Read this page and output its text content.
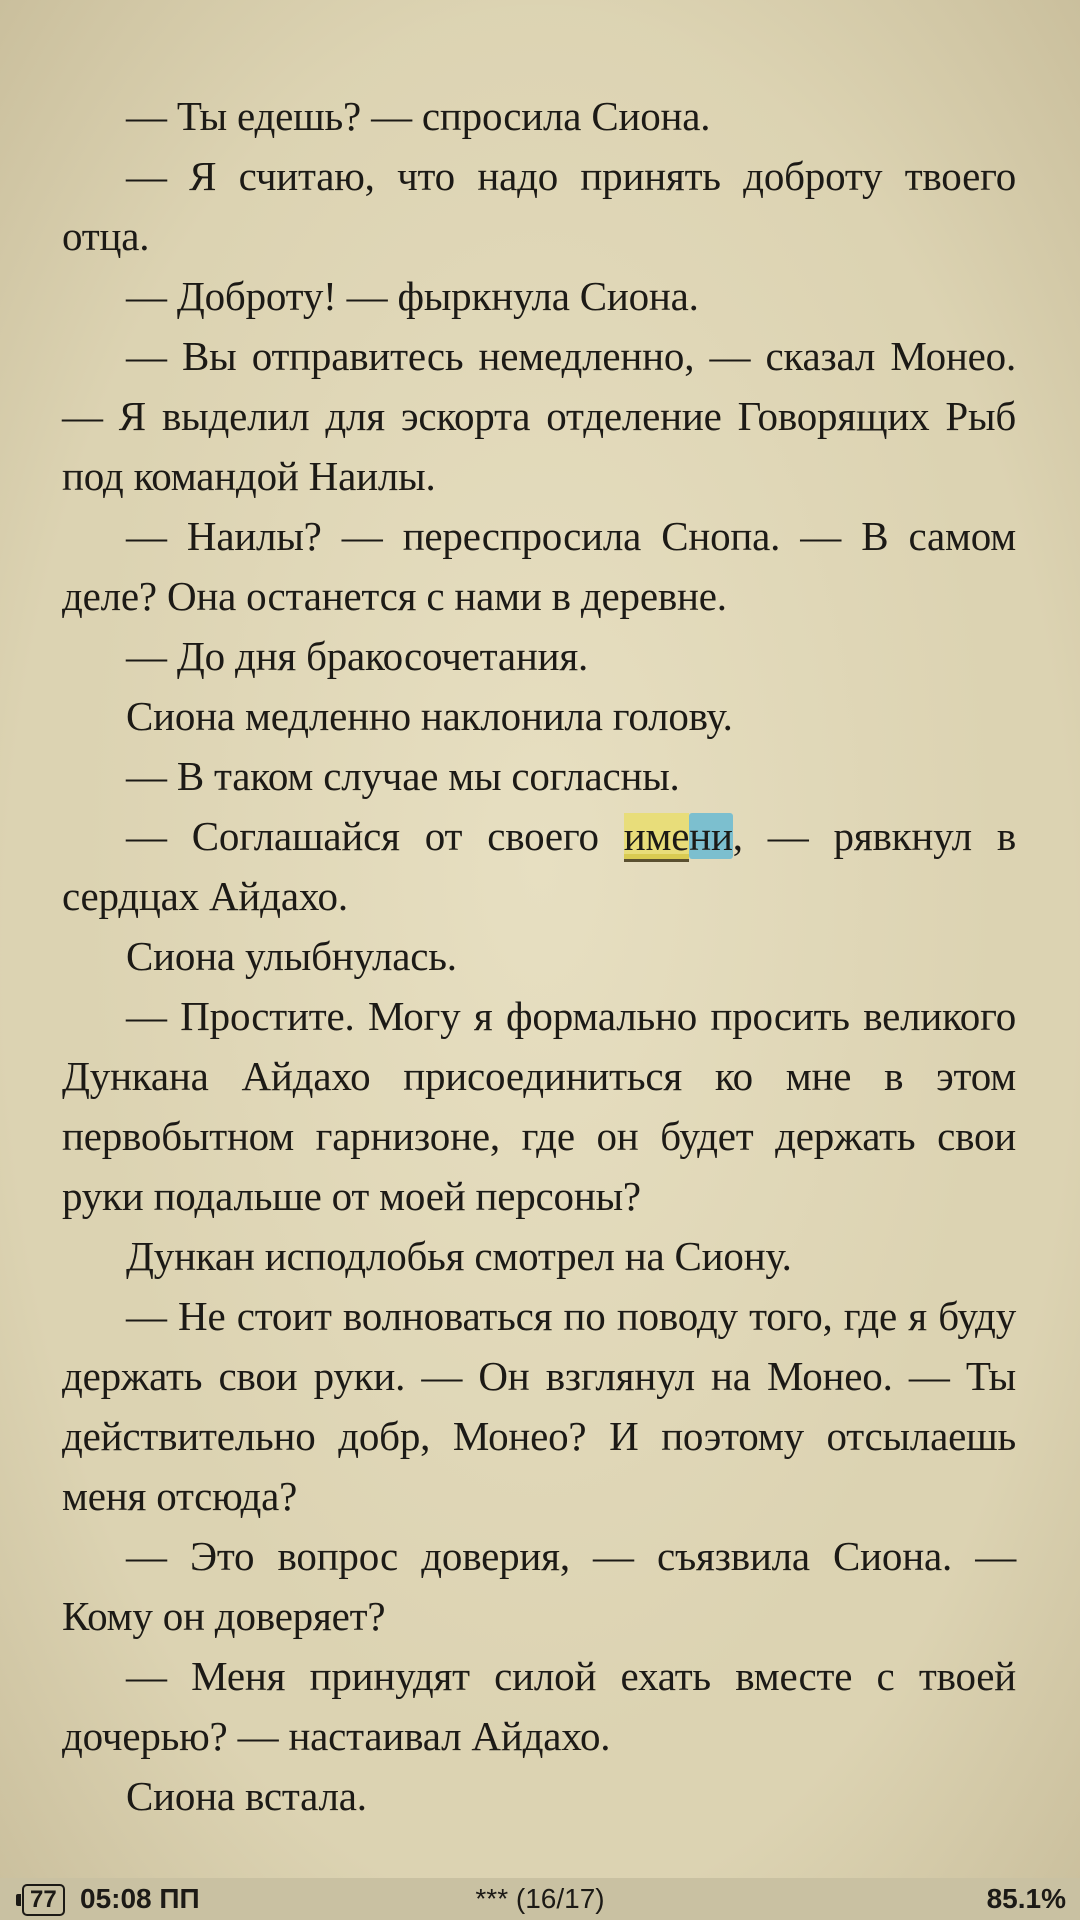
— Ты едешь? — спросила Сиона.

— Я считаю, что надо принять доброту твоего отца.

— Доброту! — фыркнула Сиона.

— Вы отправитесь немедленно, — сказал Монео. — Я выделил для эскорта отделение Говорящих Рыб под командой Наилы.

— Наилы? — переспросила Снопа. — В самом деле? Она останется с нами в деревне.

— До дня бракосочетания.

Сиона медленно наклонила голову.

— В таком случае мы согласны.

— Соглашайся от своего имени, — рявкнул в сердцах Айдахо.

Сиона улыбнулась.

— Простите. Могу я формально просить великого Дункана Айдахо присоединиться ко мне в этом первобытном гарнизоне, где он будет держать свои руки подальше от моей персоны?

Дункан исподлобья смотрел на Сиону.

— Не стоит волноваться по поводу того, где я буду держать свои руки. — Он взглянул на Монео. — Ты действительно добр, Монео? И поэтому отсылаешь меня отсюда?

— Это вопрос доверия, — съязвила Сиона. — Кому он доверяет?

— Меня принудят силой ехать вместе с твоей дочерью? — настаивал Айдахо.

Сиона встала.

77 05:08 ПП	*** (16/17)	85.1%
